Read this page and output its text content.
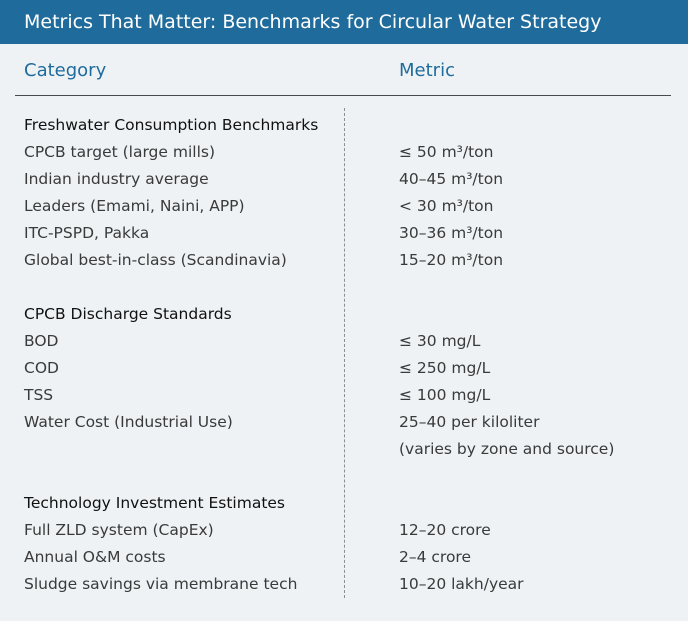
Metrics That Matter: Benchmarks for Circular Water Strategy
Category	Metric
Freshwater Consumption Benchmarks
CPCB target (large mills)	≤ 50 m³/ton
Indian industry average	40–45 m³/ton
Leaders (Emami, Naini, APP)	< 30 m³/ton
ITC-PSPD, Pakka	30–36 m³/ton
Global best-in-class (Scandinavia)	15–20 m³/ton
CPCB Discharge Standards
BOD	≤ 30 mg/L
COD	≤ 250 mg/L
TSS	≤ 100 mg/L
Water Cost (Industrial Use)	25–40 per kiloliter
(varies by zone and source)
Technology Investment Estimates
Full ZLD system (CapEx)	12–20 crore
Annual O&M costs	2–4 crore
Sludge savings via membrane tech	10–20 lakh/year
